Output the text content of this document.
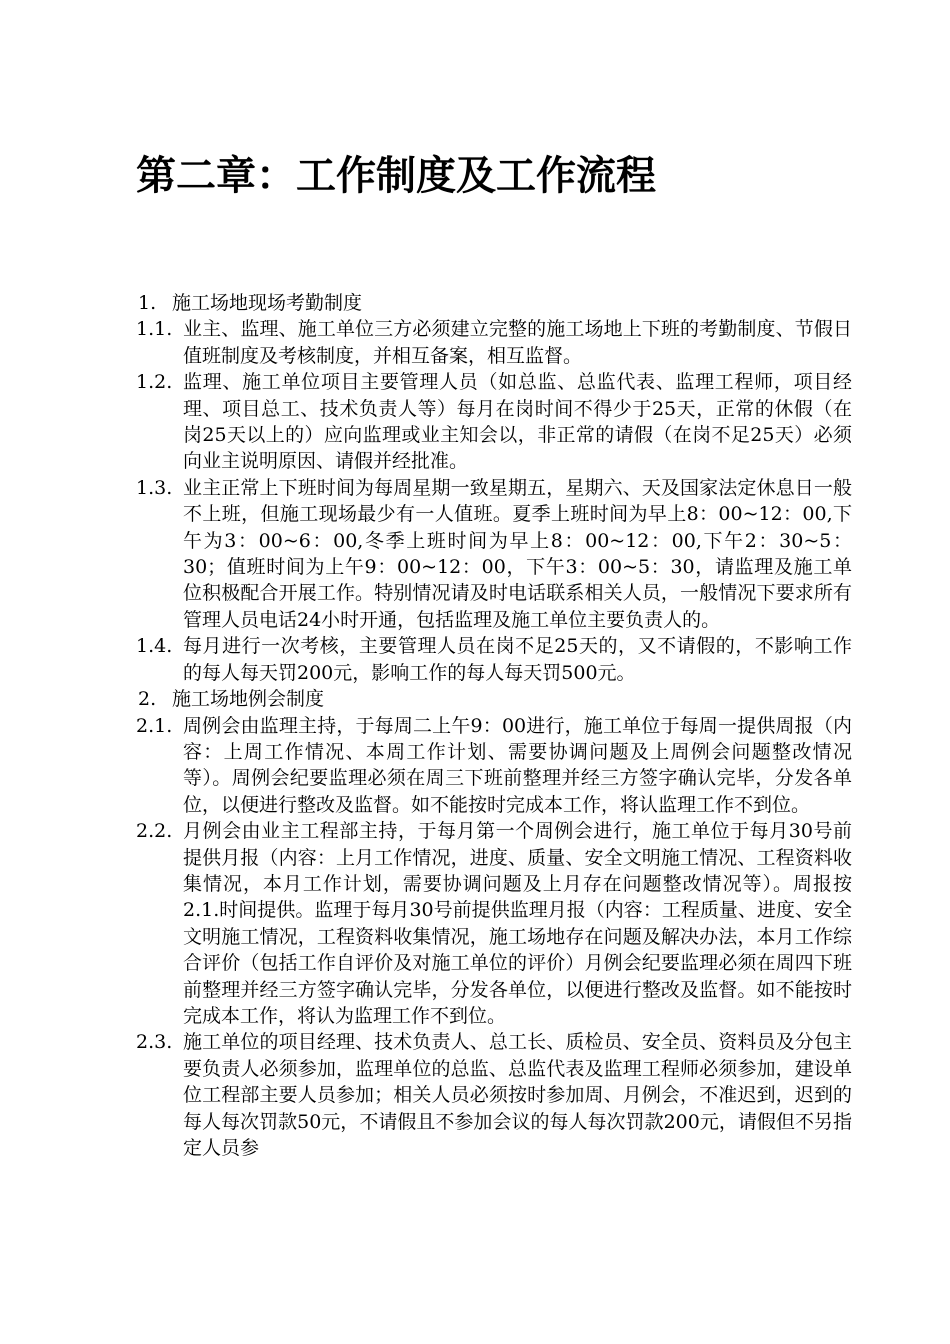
第二章：工作制度及工作流程

1. 施工场地现场考勤制度

1.1. 业主、监理、施工单位三方必须建立完整的施工场地上下班的考勤制度、节假日值班制度及考核制度，并相互备案，相互监督。

1.2. 监理、施工单位项目主要管理人员（如总监、总监代表、监理工程师，项目经理、项目总工、技术负责人等）每月在岗时间不得少于25天，正常的休假（在岗25天以上的）应向监理或业主知会以，非正常的请假（在岗不足25天）必须向业主说明原因、请假并经批准。

1.3. 业主正常上下班时间为每周星期一致星期五，星期六、天及国家法定休息日一般不上班，但施工现场最少有一人值班。夏季上班时间为早上8：00~12：00,下午为3：00~6：00,冬季上班时间为早上8：00~12：00,下午2：30~5：30；值班时间为上午9：00~12：00，下午3：00~5：30，请监理及施工单位积极配合开展工作。特别情况请及时电话联系相关人员，一般情况下要求所有管理人员电话24小时开通，包括监理及施工单位主要负责人的。

1.4. 每月进行一次考核，主要管理人员在岗不足25天的，又不请假的，不影响工作的每人每天罚200元，影响工作的每人每天罚500元。

2. 施工场地例会制度

2.1. 周例会由监理主持，于每周二上午9：00进行，施工单位于每周一提供周报（内容：上周工作情况、本周工作计划、需要协调问题及上周例会问题整改情况等）。周例会纪要监理必须在周三下班前整理并经三方签字确认完毕，分发各单位，以便进行整改及监督。如不能按时完成本工作，将认监理工作不到位。

2.2. 月例会由业主工程部主持，于每月第一个周例会进行，施工单位于每月30号前提供月报（内容：上月工作情况，进度、质量、安全文明施工情况、工程资料收集情况，本月工作计划，需要协调问题及上月存在问题整改情况等）。周报按2.1.时间提供。监理于每月30号前提供监理月报（内容：工程质量、进度、安全文明施工情况，工程资料收集情况，施工场地存在问题及解决办法，本月工作综合评价（包括工作自评价及对施工单位的评价）月例会纪要监理必须在周四下班前整理并经三方签字确认完毕，分发各单位，以便进行整改及监督。如不能按时完成本工作，将认为监理工作不到位。

2.3. 施工单位的项目经理、技术负责人、总工长、质检员、安全员、资料员及分包主要负责人必须参加，监理单位的总监、总监代表及监理工程师必须参加，建设单位工程部主要人员参加；相关人员必须按时参加周、月例会，不准迟到，迟到的每人每次罚款50元，不请假且不参加会议的每人每次罚款200元，请假但不另指定人员参
